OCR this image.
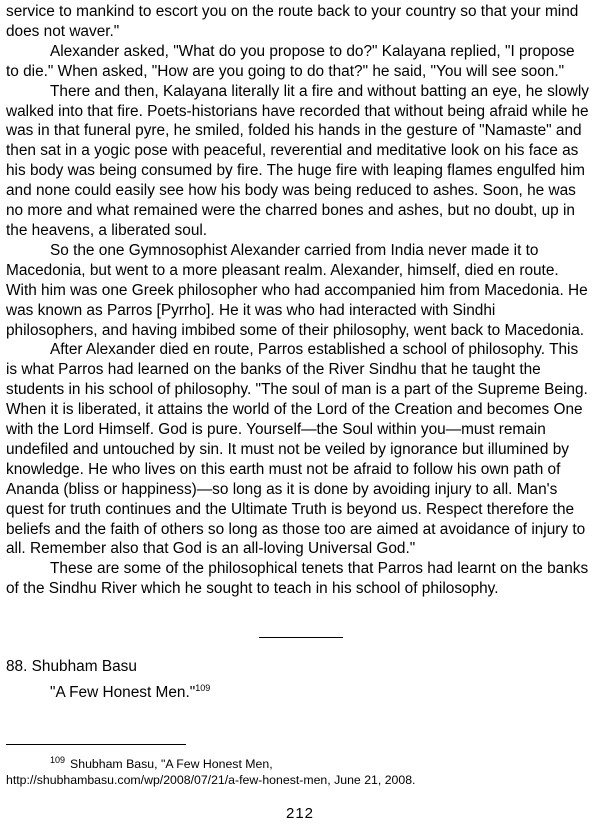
service to mankind to escort you on the route back to your country so that your mind does not waver."

Alexander asked, "What do you propose to do?" Kalayana replied, "I propose to die." When asked, "How are you going to do that?" he said, "You will see soon."

There and then, Kalayana literally lit a fire and without batting an eye, he slowly walked into that fire. Poets-historians have recorded that without being afraid while he was in that funeral pyre, he smiled, folded his hands in the gesture of "Namaste" and then sat in a yogic pose with peaceful, reverential and meditative look on his face as his body was being consumed by fire. The huge fire with leaping flames engulfed him and none could easily see how his body was being reduced to ashes. Soon, he was no more and what remained were the charred bones and ashes, but no doubt, up in the heavens, a liberated soul.

So the one Gymnosophist Alexander carried from India never made it to Macedonia, but went to a more pleasant realm. Alexander, himself, died en route. With him was one Greek philosopher who had accompanied him from Macedonia. He was known as Parros [Pyrrho]. He it was who had interacted with Sindhi philosophers, and having imbibed some of their philosophy, went back to Macedonia.

After Alexander died en route, Parros established a school of philosophy. This is what Parros had learned on the banks of the River Sindhu that he taught the students in his school of philosophy. "The soul of man is a part of the Supreme Being. When it is liberated, it attains the world of the Lord of the Creation and becomes One with the Lord Himself. God is pure. Yourself—the Soul within you—must remain undefiled and untouched by sin. It must not be veiled by ignorance but illumined by knowledge. He who lives on this earth must not be afraid to follow his own path of Ananda (bliss or happiness)—so long as it is done by avoiding injury to all. Man's quest for truth continues and the Ultimate Truth is beyond us. Respect therefore the beliefs and the faith of others so long as those too are aimed at avoidance of injury to all. Remember also that God is an all-loving Universal God."

These are some of the philosophical tenets that Parros had learnt on the banks of the Sindhu River which he sought to teach in his school of philosophy.

88. Shubham Basu
"A Few Honest Men."$^{109}$
$^{109}$ Shubham Basu, "A Few Honest Men,
http://shubhambasu.com/wp/2008/07/21/a-few-honest-men, June 21, 2008.
212
